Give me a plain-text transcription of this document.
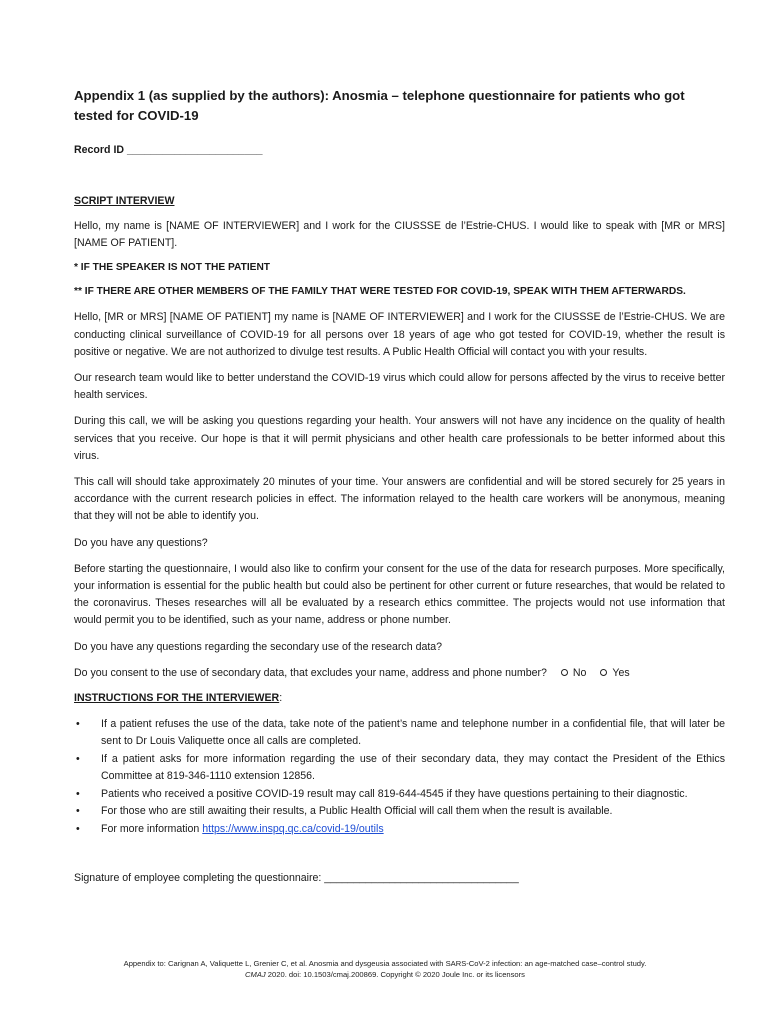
Appendix 1 (as supplied by the authors): Anosmia – telephone questionnaire for patients who got tested for COVID-19
Record ID _______________________
SCRIPT INTERVIEW
Hello, my name is [NAME OF INTERVIEWER] and I work for the CIUSSSE de l’Estrie-CHUS. I would like to speak with [MR or MRS] [NAME OF PATIENT].
* IF THE SPEAKER IS NOT THE PATIENT
** IF THERE ARE OTHER MEMBERS OF THE FAMILY THAT WERE TESTED FOR COVID-19, SPEAK WITH THEM AFTERWARDS.
Hello, [MR or MRS] [NAME OF PATIENT] my name is [NAME OF INTERVIEWER] and I work for the CIUSSSE de l’Estrie-CHUS. We are conducting clinical surveillance of COVID-19 for all persons over 18 years of age who got tested for COVID-19, whether the result is positive or negative. We are not authorized to divulge test results. A Public Health Official will contact you with your results.
Our research team would like to better understand the COVID-19 virus which could allow for persons affected by the virus to receive better health services.
During this call, we will be asking you questions regarding your health. Your answers will not have any incidence on the quality of health services that you receive. Our hope is that it will permit physicians and other health care professionals to be better informed about this virus.
This call will should take approximately 20 minutes of your time. Your answers are confidential and will be stored securely for 25 years in accordance with the current research policies in effect. The information relayed to the health care workers will be anonymous, meaning that they will not be able to identify you.
Do you have any questions?
Before starting the questionnaire, I would also like to confirm your consent for the use of the data for research purposes. More specifically, your information is essential for the public health but could also be pertinent for other current or future researches, that would be related to the coronavirus. Theses researches will all be evaluated by a research ethics committee. The projects would not use information that would permit you to be identified, such as your name, address or phone number.
Do you have any questions regarding the secondary use of the research data?
Do you consent to the use of secondary data, that excludes your name, address and phone number? No Yes
INSTRUCTIONS FOR THE INTERVIEWER:
• If a patient refuses the use of the data, take note of the patient’s name and telephone number in a confidential file, that will later be sent to Dr Louis Valiquette once all calls are completed.
• If a patient asks for more information regarding the use of their secondary data, they may contact the President of the Ethics Committee at 819-346-1110 extension 12856.
• Patients who received a positive COVID-19 result may call 819-644-4545 if they have questions pertaining to their diagnostic.
• For those who are still awaiting their results, a Public Health Official will call them when the result is available.
• For more information https://www.inspq.qc.ca/covid-19/outils
Signature of employee completing the questionnaire: _________________________________
Appendix to: Carignan A, Valiquette L, Grenier C, et al. Anosmia and dysgeusia associated with SARS-CoV-2 infection: an age-matched case–control study.
CMAJ 2020. doi: 10.1503/cmaj.200869. Copyright © 2020 Joule Inc. or its licensors
